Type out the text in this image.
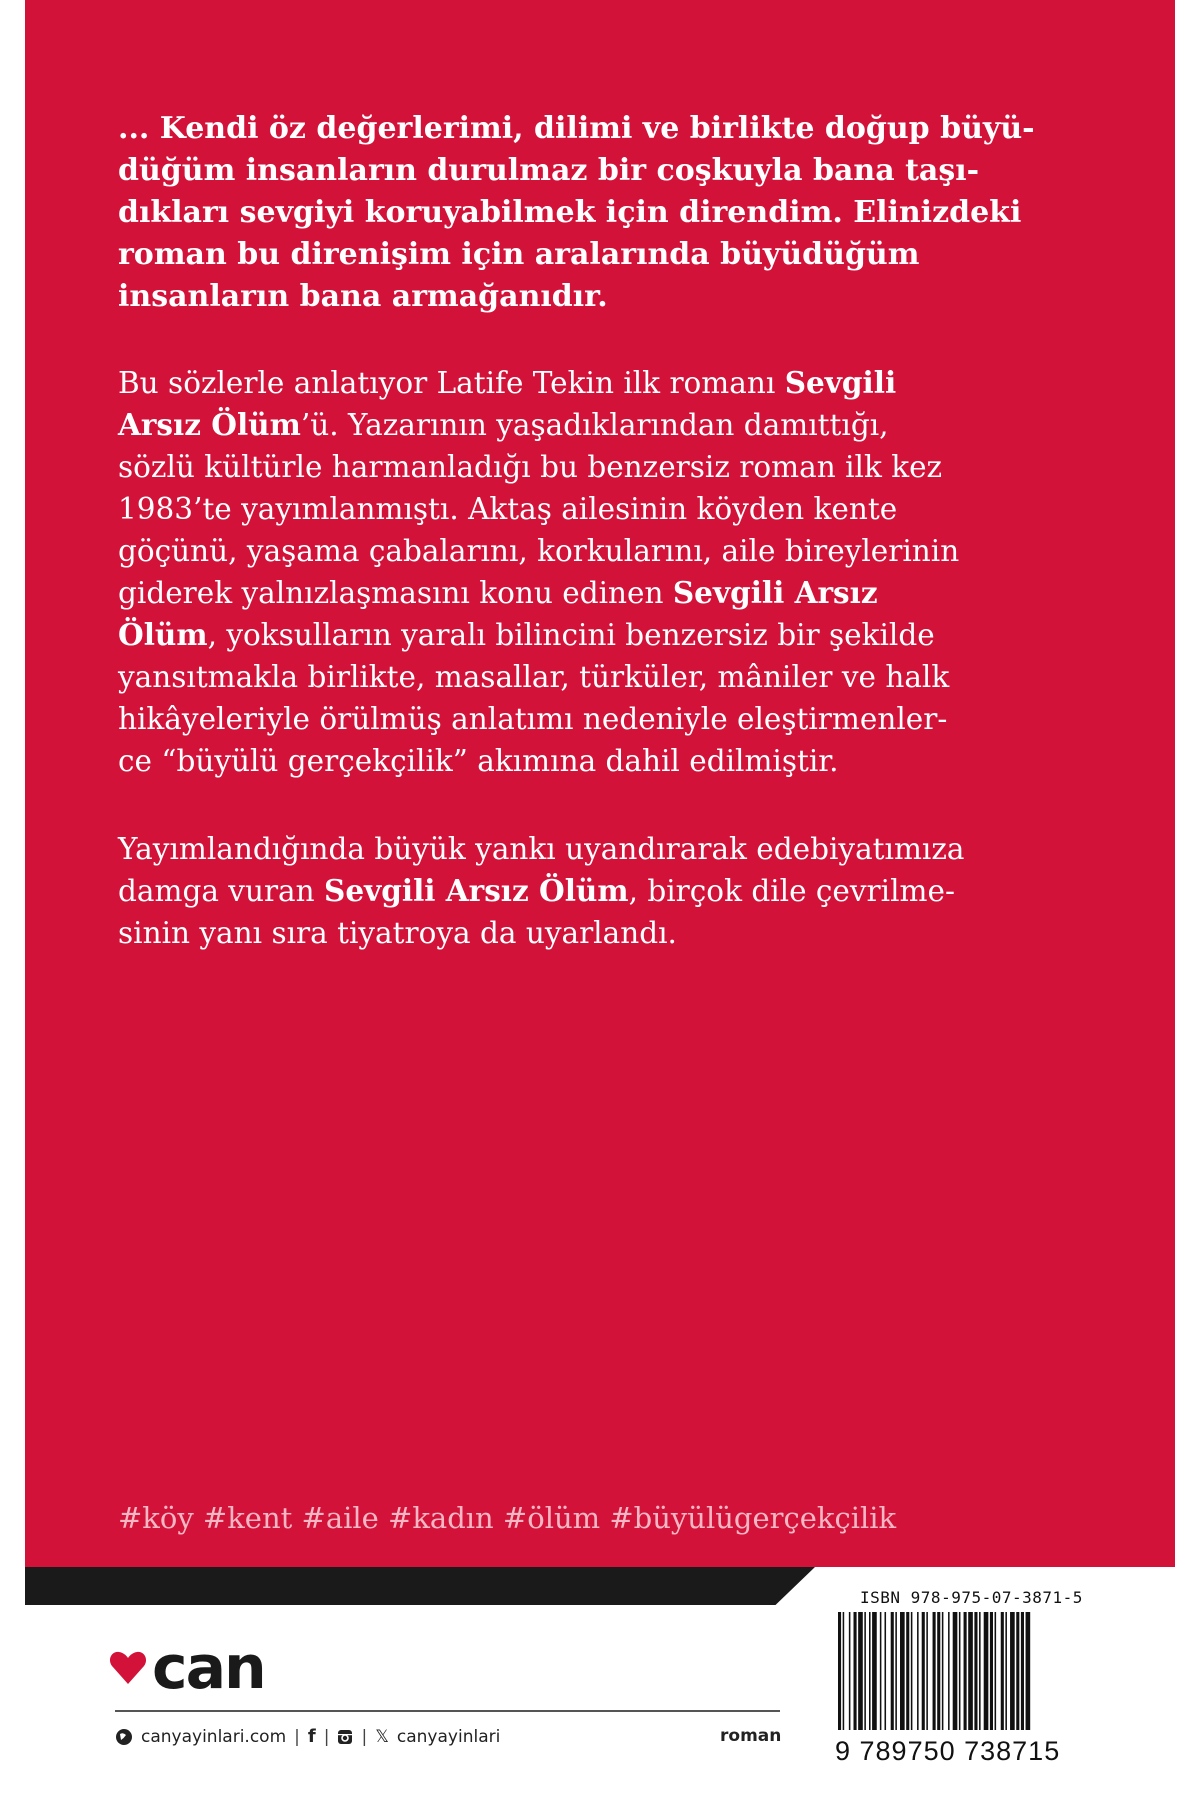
... Kendi öz değerlerimi, dilimi ve birlikte doğup büyü-

düğüm insanların durulmaz bir coşkuyla bana taşı-

dıkları sevgiyi koruyabilmek için direndim. Elinizdeki

roman bu direnişim için aralarında büyüdüğüm

insanların bana armağanıdır.

Bu sözlerle anlatıyor Latife Tekin ilk romanı Sevgili

Arsız Ölüm’ü. Yazarının yaşadıklarından damıttığı,

sözlü kültürle harmanladığı bu benzersiz roman ilk kez

1983’te yayımlanmıştı. Aktaş ailesinin köyden kente

göçünü, yaşama çabalarını, korkularını, aile bireylerinin

giderek yalnızlaşmasını konu edinen Sevgili Arsız

Ölüm, yoksulların yaralı bilincini benzersiz bir şekilde

yansıtmakla birlikte, masallar, türküler, mâniler ve halk

hikâyeleriyle örülmüş anlatımı nedeniyle eleştirmenler-

ce “büyülü gerçekçilik” akımına dahil edilmiştir.

Yayımlandığında büyük yankı uyandırarak edebiyatımıza

damga vuran Sevgili Arsız Ölüm, birçok dile çevrilme-

sinin yanı sıra tiyatroya da uyarlandı.

#köy #kent #aile #kadın #ölüm #büyülügerçekçilik
can
canyayinlari.com | f | | 𝕏 canyayinlari	roman
ISBN 978-975-07-3871-5
9 789750 738715
